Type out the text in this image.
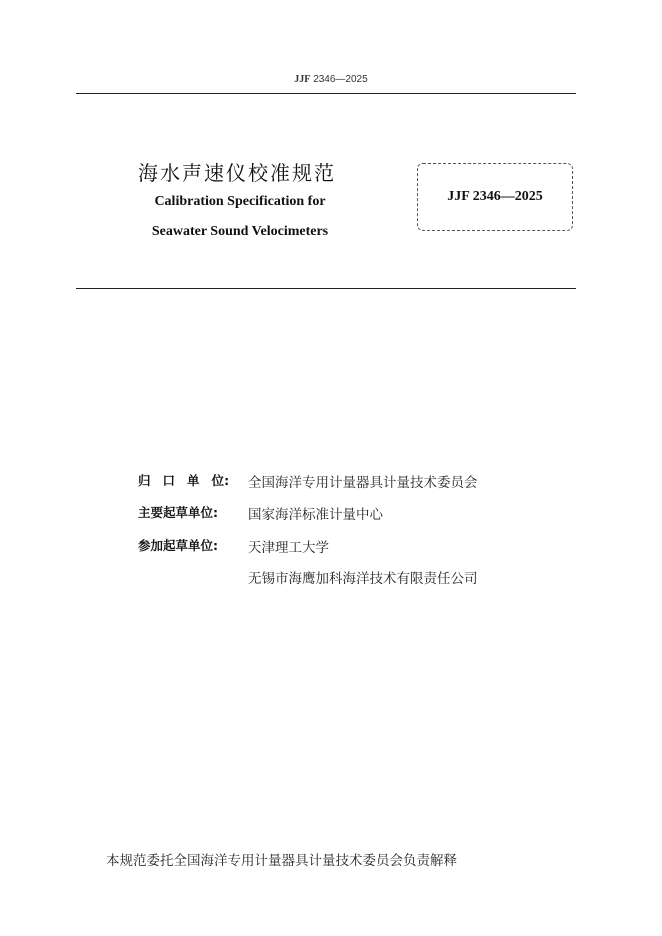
JJF 2346—2025
海水声速仪校准规范
Calibration Specification for
Seawater Sound Velocimeters
JJF 2346—2025
归 口 单 位:	全国海洋专用计量器具计量技术委员会
主要起草单位:	国家海洋标准计量中心
参加起草单位:	天津理工大学
无锡市海鹰加科海洋技术有限责任公司
本规范委托全国海洋专用计量器具计量技术委员会负责解释
